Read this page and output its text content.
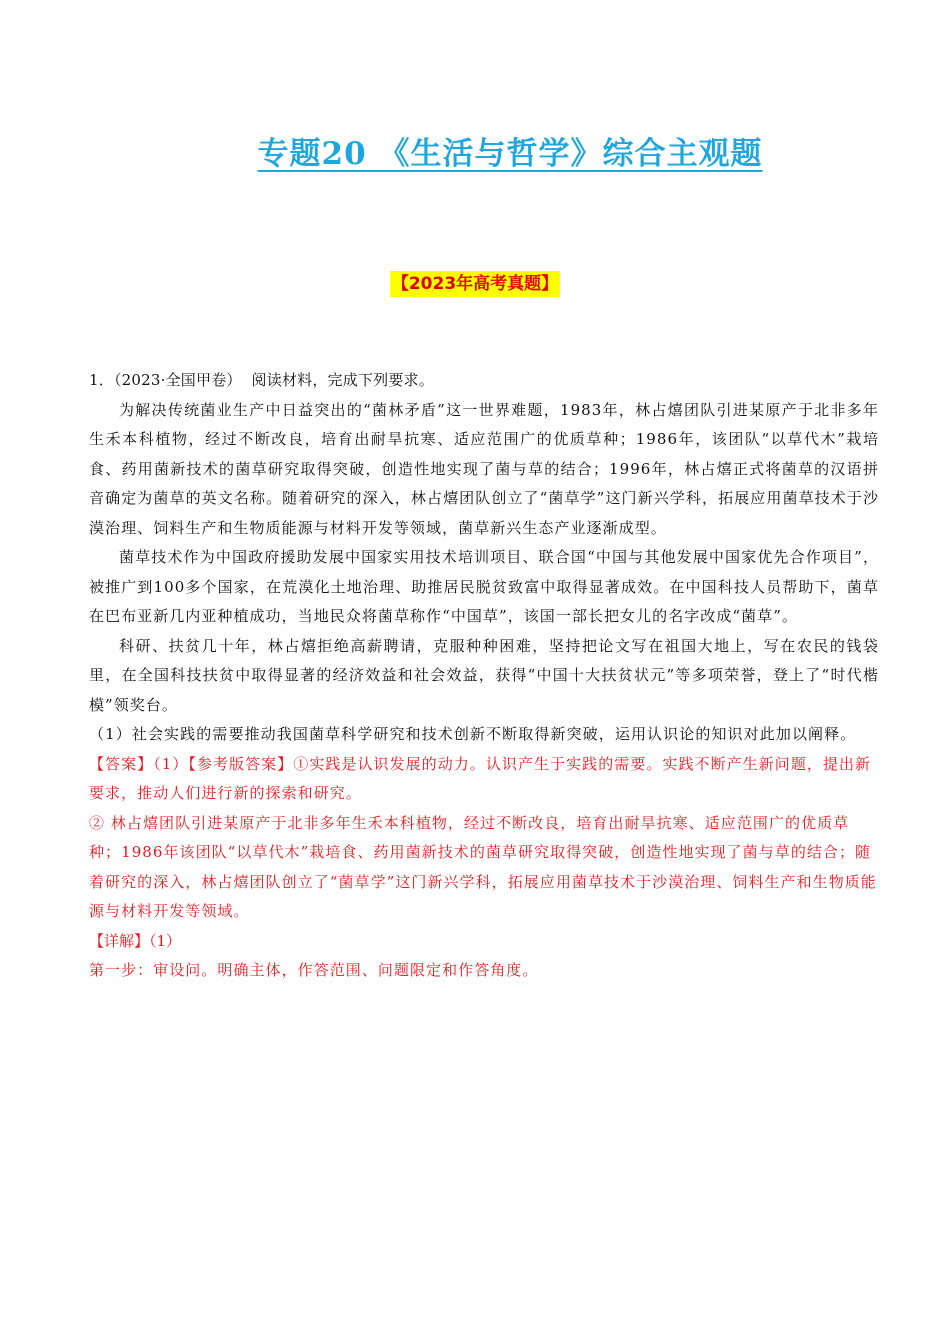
专题20 《生活与哲学》综合主观题
【2023年高考真题】

1．（2023·全国甲卷） 阅读材料，完成下列要求。

为解决传统菌业生产中日益突出的“菌林矛盾”这一世界难题，1983年，林占熺团队引进某原产于北非多年生禾本科植物，经过不断改良，培育出耐旱抗寒、适应范围广的优质草种；1986年，该团队“以草代木”栽培食、药用菌新技术的菌草研究取得突破，创造性地实现了菌与草的结合；1996年，林占熺正式将菌草的汉语拼音确定为菌草的英文名称。随着研究的深入，林占熺团队创立了“菌草学”这门新兴学科，拓展应用菌草技术于沙漠治理、饲料生产和生物质能源与材料开发等领域，菌草新兴生态产业逐渐成型。

菌草技术作为中国政府援助发展中国家实用技术培训项目、联合国“中国与其他发展中国家优先合作项目”，被推广到100多个国家，在荒漠化土地治理、助推居民脱贫致富中取得显著成效。在中国科技人员帮助下，菌草在巴布亚新几内亚种植成功，当地民众将菌草称作“中国草”，该国一部长把女儿的名字改成“菌草”。

科研、扶贫几十年，林占熺拒绝高薪聘请，克服种种困难，坚持把论文写在祖国大地上，写在农民的钱袋里，在全国科技扶贫中取得显著的经济效益和社会效益，获得“中国十大扶贫状元”等多项荣誉，登上了“时代楷模”领奖台。

（1）社会实践的需要推动我国菌草科学研究和技术创新不断取得新突破，运用认识论的知识对此加以阐释。

【答案】（1）【参考版答案】①实践是认识发展的动力。认识产生于实践的需要。实践不断产生新问题，提出新要求，推动人们进行新的探索和研究。

② 林占熺团队引进某原产于北非多年生禾本科植物，经过不断改良，培育出耐旱抗寒、适应范围广的优质草种；1986年该团队“以草代木”栽培食、药用菌新技术的菌草研究取得突破，创造性地实现了菌与草的结合；随着研究的深入，林占熺团队创立了“菌草学”这门新兴学科，拓展应用菌草技术于沙漠治理、饲料生产和生物质能源与材料开发等领域。

【详解】（1）

第一步：审设问。明确主体，作答范围、问题限定和作答角度。
